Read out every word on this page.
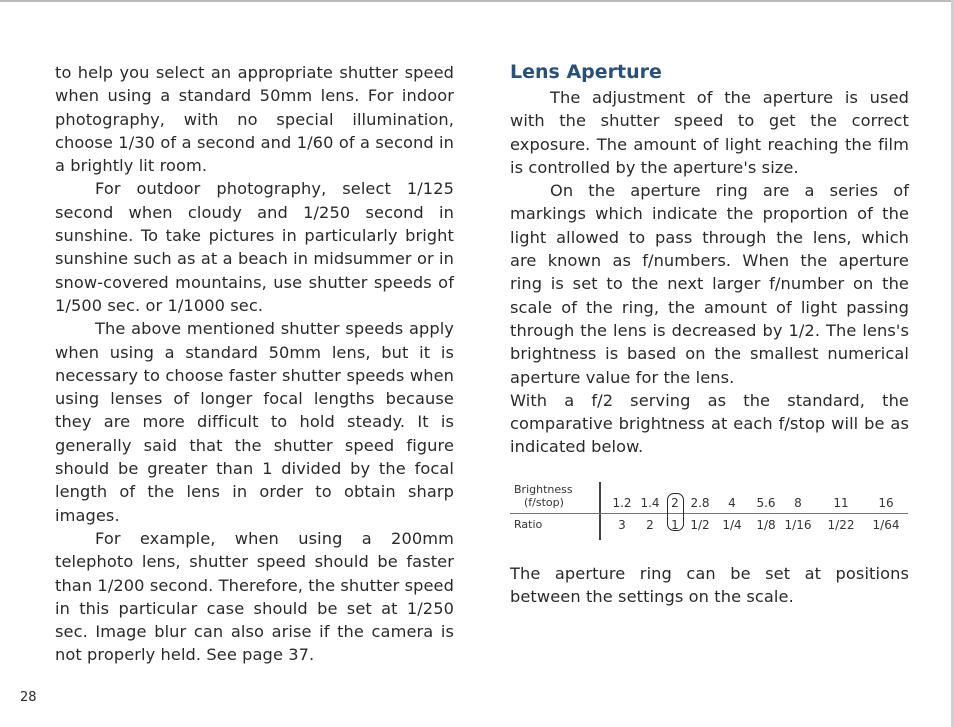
to help you select an appropriate shutter speed when using a standard 50mm lens. For indoor photography, with no special illumination, choose 1/30 of a second and 1/60 of a second in a brightly lit room.

For outdoor photography, select 1/125 second when cloudy and 1/250 second in sunshine. To take pictures in particularly bright sunshine such as at a beach in midsummer or in snow-covered mountains, use shutter speeds of 1/500 sec. or 1/1000 sec.

The above mentioned shutter speeds apply when using a standard 50mm lens, but it is necessary to choose faster shutter speeds when using lenses of longer focal lengths because they are more difficult to hold steady. It is generally said that the shutter speed figure should be greater than 1 divided by the focal length of the lens in order to obtain sharp images.

For example, when using a 200mm telephoto lens, shutter speed should be faster than 1/200 second. Therefore, the shutter speed in this particular case should be set at 1/250 sec. Image blur can also arise if the camera is not properly held. See page 37.

Lens Aperture

The adjustment of the aperture is used with the shutter speed to get the correct exposure. The amount of light reaching the film is controlled by the aperture's size.

On the aperture ring are a series of markings which indicate the proportion of the light allowed to pass through the lens, which are known as f/numbers. When the aperture ring is set to the next larger f/number on the scale of the ring, the amount of light passing through the lens is decreased by 1/2. The lens's brightness is based on the smallest numerical aperture value for the lens.

With a f/2 serving as the standard, the comparative brightness at each f/stop will be as indicated below.

Brightness
(f/stop)
Ratio
1.2 1.4 2 2.8 4 5.6 8	11 16
3 2 1 1/2 1/4 1/8 1/16 1/22 1/64

The aperture ring can be set at positions between the settings on the scale.

28
